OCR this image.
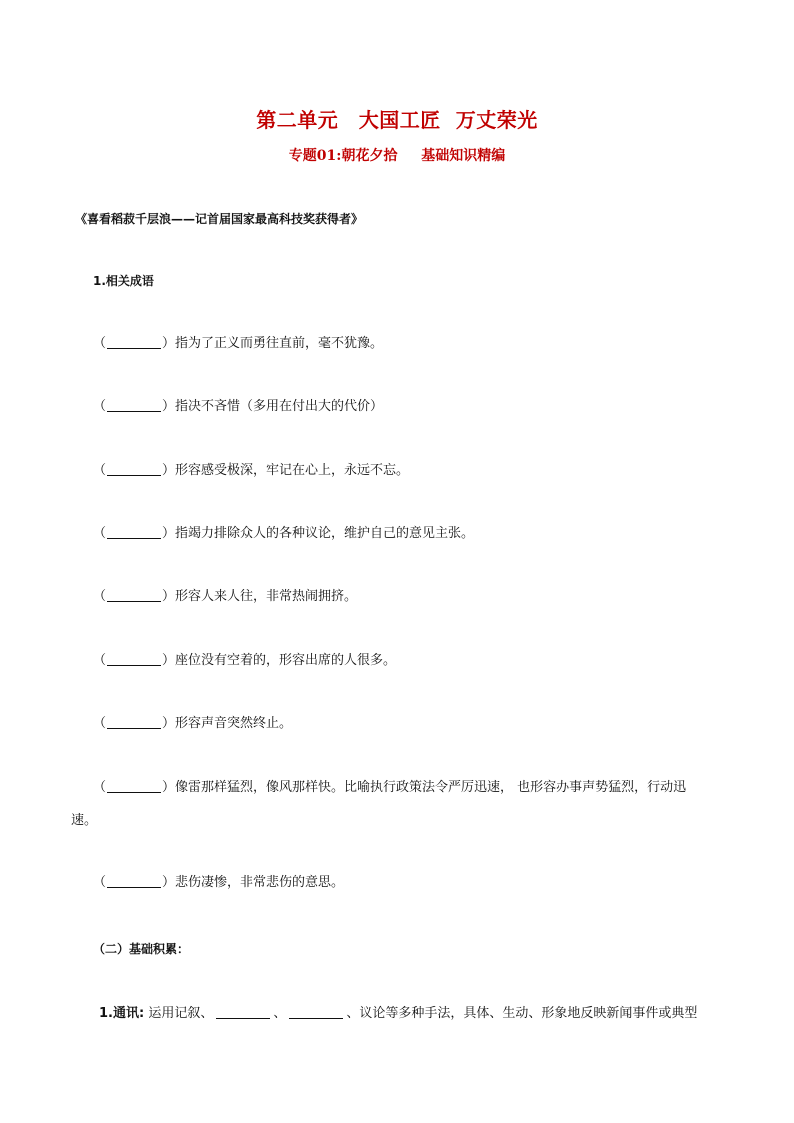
第二单元　大国工匠  万丈荣光
专题01:朝花夕拾　  基础知识精编
《喜看稻菽千层浪——记首届国家最高科技奖获得者》
1.相关成语
（	）指为了正义而勇往直前，毫不犹豫。
（	）指决不吝惜（多用在付出大的代价）
（	）形容感受极深，牢记在心上，永远不忘。
（	）指竭力排除众人的各种议论，维护自己的意见主张。
（	）形容人来人往，非常热闹拥挤。
（	）座位没有空着的，形容出席的人很多。
（	）形容声音突然终止。
（	）像雷那样猛烈，像风那样快。比喻执行政策法令严厉迅速， 也形容办事声势猛烈，行动迅
速。
（	）悲伤凄惨，非常悲伤的意思。
（二）基础积累：
1.通讯: 运用记叙、	、	、议论等多种手法，具体、生动、形象地反映新闻事件或典型
